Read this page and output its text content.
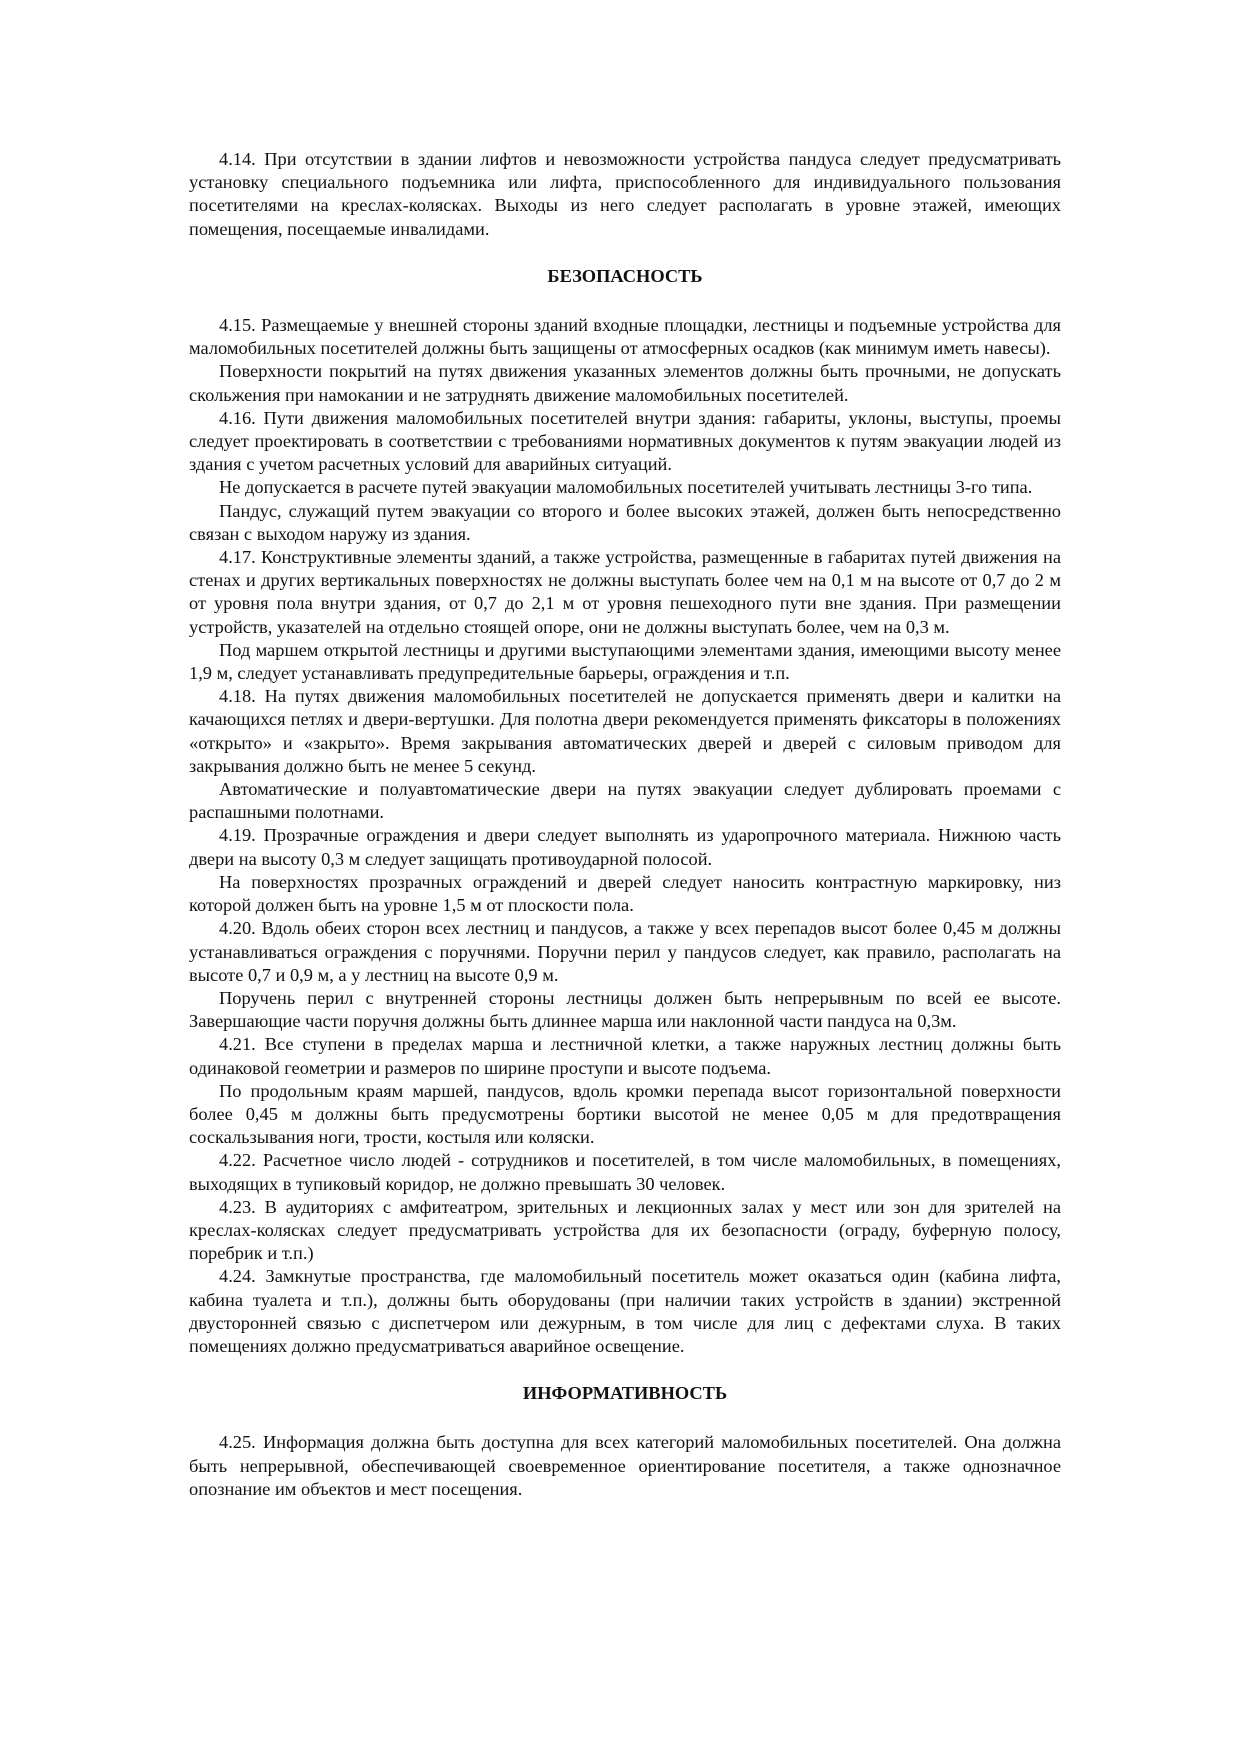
4.14. При отсутствии в здании лифтов и невозможности устройства пандуса следует предусматривать установку специального подъемника или лифта, приспособленного для индивидуального пользования посетителями на креслах-колясках. Выходы из него следует располагать в уровне этажей, имеющих помещения, посещаемые инвалидами.

БЕЗОПАСНОСТЬ

4.15. Размещаемые у внешней стороны зданий входные площадки, лестницы и подъемные устройства для маломобильных посетителей должны быть защищены от атмосферных осадков (как минимум иметь навесы).

Поверхности покрытий на путях движения указанных элементов должны быть прочными, не допускать скольжения при намокании и не затруднять движение маломобильных посетителей.

4.16. Пути движения маломобильных посетителей внутри здания: габариты, уклоны, выступы, проемы следует проектировать в соответствии с требованиями нормативных документов к путям эвакуации людей из здания с учетом расчетных условий для аварийных ситуаций.

Не допускается в расчете путей эвакуации маломобильных посетителей учитывать лестницы 3-го типа.

Пандус, служащий путем эвакуации со второго и более высоких этажей, должен быть непосредственно связан с выходом наружу из здания.

4.17. Конструктивные элементы зданий, а также устройства, размещенные в габаритах путей движения на стенах и других вертикальных поверхностях не должны выступать более чем на 0,1 м на высоте от 0,7 до 2 м от уровня пола внутри здания, от 0,7 до 2,1 м от уровня пешеходного пути вне здания. При размещении устройств, указателей на отдельно стоящей опоре, они не должны выступать более, чем на 0,3 м.

Под маршем открытой лестницы и другими выступающими элементами здания, имеющими высоту менее 1,9 м, следует устанавливать предупредительные барьеры, ограждения и т.п.

4.18. На путях движения маломобильных посетителей не допускается применять двери и калитки на качающихся петлях и двери-вертушки. Для полотна двери рекомендуется применять фиксаторы в положениях «открыто» и «закрыто». Время закрывания автоматических дверей и дверей с силовым приводом для закрывания должно быть не менее 5 секунд.

Автоматические и полуавтоматические двери на путях эвакуации следует дублировать проемами с распашными полотнами.

4.19. Прозрачные ограждения и двери следует выполнять из ударопрочного материала. Нижнюю часть двери на высоту 0,3 м следует защищать противоударной полосой.

На поверхностях прозрачных ограждений и дверей следует наносить контрастную маркировку, низ которой должен быть на уровне 1,5 м от плоскости пола.

4.20. Вдоль обеих сторон всех лестниц и пандусов, а также у всех перепадов высот более 0,45 м должны устанавливаться ограждения с поручнями. Поручни перил у пандусов следует, как правило, располагать на высоте 0,7 и 0,9 м, а у лестниц на высоте 0,9 м.

Поручень перил с внутренней стороны лестницы должен быть непрерывным по всей ее высоте. Завершающие части поручня должны быть длиннее марша или наклонной части пандуса на 0,3м.

4.21. Все ступени в пределах марша и лестничной клетки, а также наружных лестниц должны быть одинаковой геометрии и размеров по ширине проступи и высоте подъема.

По продольным краям маршей, пандусов, вдоль кромки перепада высот горизонтальной поверхности более 0,45 м должны быть предусмотрены бортики высотой не менее 0,05 м для предотвращения соскальзывания ноги, трости, костыля или коляски.

4.22. Расчетное число людей - сотрудников и посетителей, в том числе маломобильных, в помещениях, выходящих в тупиковый коридор, не должно превышать 30 человек.

4.23. В аудиториях с амфитеатром, зрительных и лекционных залах у мест или зон для зрителей на креслах-колясках следует предусматривать устройства для их безопасности (ограду, буферную полосу, поребрик и т.п.)

4.24. Замкнутые пространства, где маломобильный посетитель может оказаться один (кабина лифта, кабина туалета и т.п.), должны быть оборудованы (при наличии таких устройств в здании) экстренной двусторонней связью с диспетчером или дежурным, в том числе для лиц с дефектами слуха. В таких помещениях должно предусматриваться аварийное освещение.

ИНФОРМАТИВНОСТЬ

4.25. Информация должна быть доступна для всех категорий маломобильных посетителей. Она должна быть непрерывной, обеспечивающей своевременное ориентирование посетителя, а также однозначное опознание им объектов и мест посещения.
